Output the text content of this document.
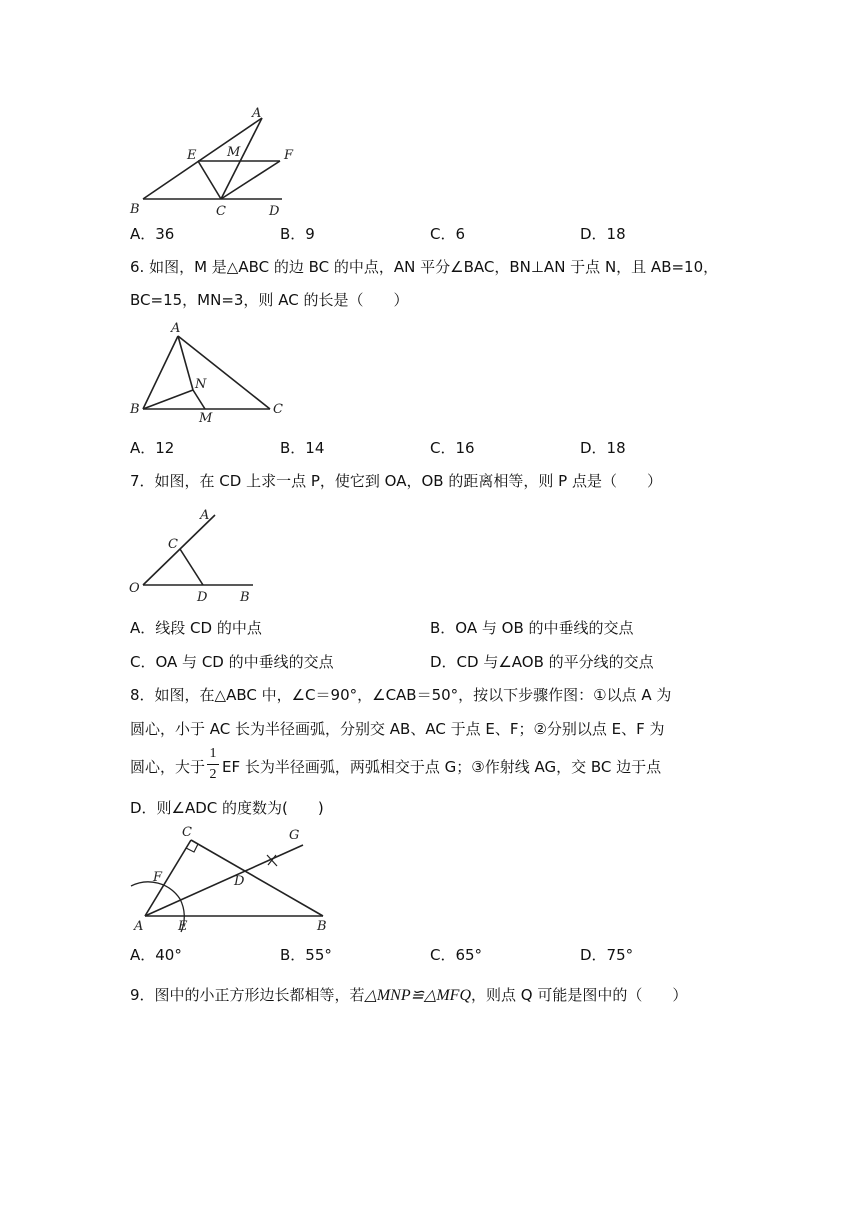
A
E M	F
B	C	D
A．36	B．9	C．6	D．18
6. 如图，M 是△ABC 的边 BC 的中点，AN 平分∠BAC，BN⊥AN 于点 N，且 AB=10，
BC=15，MN=3，则 AC 的长是（　　）
A
N
B
M
C
A．12	B．14	C．16	D．18
7．如图，在 CD 上求一点 P，使它到 OA，OB 的距离相等，则 P 点是（　　）
A
C
O
D	B
A．线段 CD 的中点	B．OA 与 OB 的中垂线的交点
C．OA 与 CD 的中垂线的交点	D．CD 与∠AOB 的平分线的交点
8．如图，在△ABC 中，∠C＝90°，∠CAB＝50°，按以下步骤作图：①以点 A 为
圆心，小于 AC 长为半径画弧，分别交 AB、AC 于点 E、F；②分别以点 E、F 为
圆心，大于
1
2 EF 长为半径画弧，两弧相交于点 G；③作射线 AG，交 BC 边于点
D．则∠ADC 的度数为(　　)
C	G
F	D
A	E	B
A．40°	B．55°	C．65°	D．75°
9．图中的小正方形边长都相等，若△MNP≌△MFQ，则点 Q 可能是图中的（　　）
